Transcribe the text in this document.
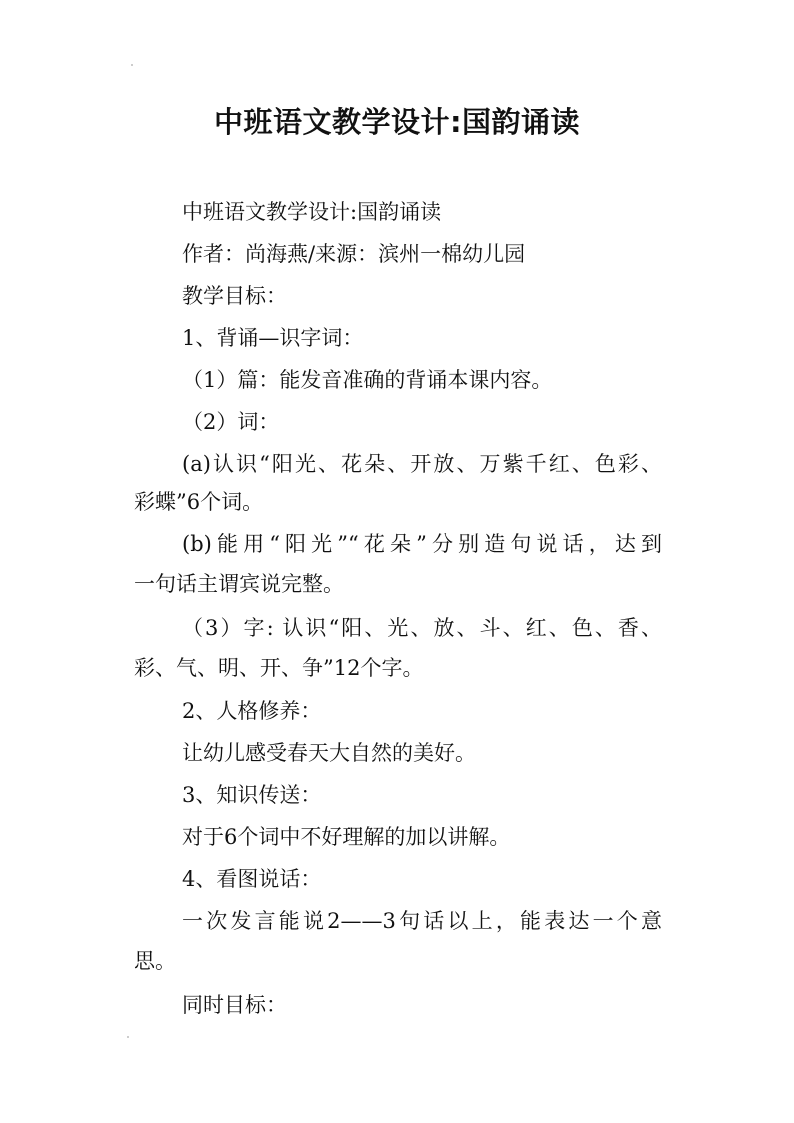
中班语文教学设计:国韵诵读
中班语文教学设计:国韵诵读
作者：尚海燕/来源：滨州一棉幼儿园
教学目标：
1、背诵—识字词：
（1）篇：能发音准确的背诵本课内容。
（2）词：
(a)认识“阳光、花朵、开放、万紫千红、色彩、
彩蝶”6个词。
(b)能用“阳光”“花朵”分别造句说话，达到
一句话主谓宾说完整。
（3）字: 认识“阳、光、放、斗、红、色、香、
彩、气、明、开、争”12个字。
2、人格修养：
让幼儿感受春天大自然的美好。
3、知识传送：
对于6个词中不好理解的加以讲解。
4、看图说话：
一次发言能说2——3句话以上，能表达一个意
思。
同时目标：
